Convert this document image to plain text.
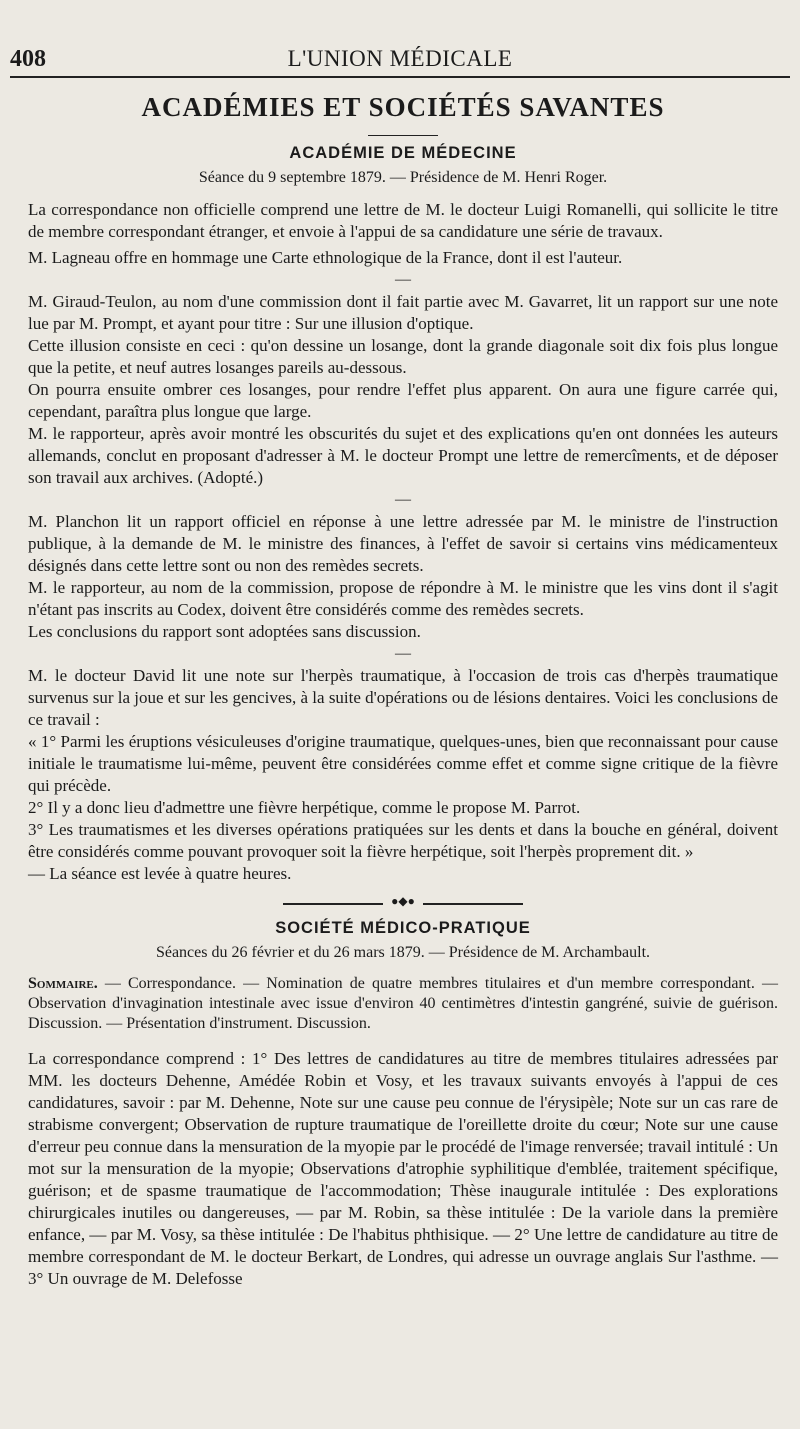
408	L'UNION MÉDICALE
ACADÉMIES ET SOCIÉTÉS SAVANTES
ACADÉMIE DE MÉDECINE
Séance du 9 septembre 1879. — Présidence de M. Henri Roger.

La correspondance non officielle comprend une lettre de M. le docteur Luigi Romanelli, qui sollicite le titre de membre correspondant étranger, et envoie à l'appui de sa candidature une série de travaux.

M. Lagneau offre en hommage une Carte ethnologique de la France, dont il est l'auteur.

—

M. Giraud-Teulon, au nom d'une commission dont il fait partie avec M. Gavarret, lit un rapport sur une note lue par M. Prompt, et ayant pour titre : Sur une illusion d'optique.

Cette illusion consiste en ceci : qu'on dessine un losange, dont la grande diagonale soit dix fois plus longue que la petite, et neuf autres losanges pareils au-dessous.

On pourra ensuite ombrer ces losanges, pour rendre l'effet plus apparent. On aura une figure carrée qui, cependant, paraîtra plus longue que large.

M. le rapporteur, après avoir montré les obscurités du sujet et des explications qu'en ont données les auteurs allemands, conclut en proposant d'adresser à M. le docteur Prompt une lettre de remercîments, et de déposer son travail aux archives. (Adopté.)

—

M. Planchon lit un rapport officiel en réponse à une lettre adressée par M. le ministre de l'instruction publique, à la demande de M. le ministre des finances, à l'effet de savoir si certains vins médicamenteux désignés dans cette lettre sont ou non des remèdes secrets.

M. le rapporteur, au nom de la commission, propose de répondre à M. le ministre que les vins dont il s'agit n'étant pas inscrits au Codex, doivent être considérés comme des remèdes secrets.

Les conclusions du rapport sont adoptées sans discussion.

—

M. le docteur David lit une note sur l'herpès traumatique, à l'occasion de trois cas d'herpès traumatique survenus sur la joue et sur les gencives, à la suite d'opérations ou de lésions dentaires. Voici les conclusions de ce travail :

« 1° Parmi les éruptions vésiculeuses d'origine traumatique, quelques-unes, bien que reconnaissant pour cause initiale le traumatisme lui-même, peuvent être considérées comme effet et comme signe critique de la fièvre qui précède.

2° Il y a donc lieu d'admettre une fièvre herpétique, comme le propose M. Parrot.

3° Les traumatismes et les diverses opérations pratiquées sur les dents et dans la bouche en général, doivent être considérés comme pouvant provoquer soit la fièvre herpétique, soit l'herpès proprement dit. »

— La séance est levée à quatre heures.

●◆●
SOCIÉTÉ MÉDICO-PRATIQUE
Séances du 26 février et du 26 mars 1879. — Présidence de M. Archambault.
Sommaire. — Correspondance. — Nomination de quatre membres titulaires et d'un membre correspondant. — Observation d'invagination intestinale avec issue d'environ 40 centimètres d'intestin gangréné, suivie de guérison. Discussion. — Présentation d'instrument. Discussion.

La correspondance comprend : 1° Des lettres de candidatures au titre de membres titulaires adressées par MM. les docteurs Dehenne, Amédée Robin et Vosy, et les travaux suivants envoyés à l'appui de ces candidatures, savoir : par M. Dehenne, Note sur une cause peu connue de l'érysipèle; Note sur un cas rare de strabisme convergent; Observation de rupture traumatique de l'oreillette droite du cœur; Note sur une cause d'erreur peu connue dans la mensuration de la myopie par le procédé de l'image renversée; travail intitulé : Un mot sur la mensuration de la myopie; Observations d'atrophie syphilitique d'emblée, traitement spécifique, guérison; et de spasme traumatique de l'accommodation; Thèse inaugurale intitulée : Des explorations chirurgicales inutiles ou dangereuses, — par M. Robin, sa thèse intitulée : De la variole dans la première enfance, — par M. Vosy, sa thèse intitulée : De l'habitus phthisique. — 2° Une lettre de candidature au titre de membre correspondant de M. le docteur Berkart, de Londres, qui adresse un ouvrage anglais Sur l'asthme. — 3° Un ouvrage de M. Delefosse
